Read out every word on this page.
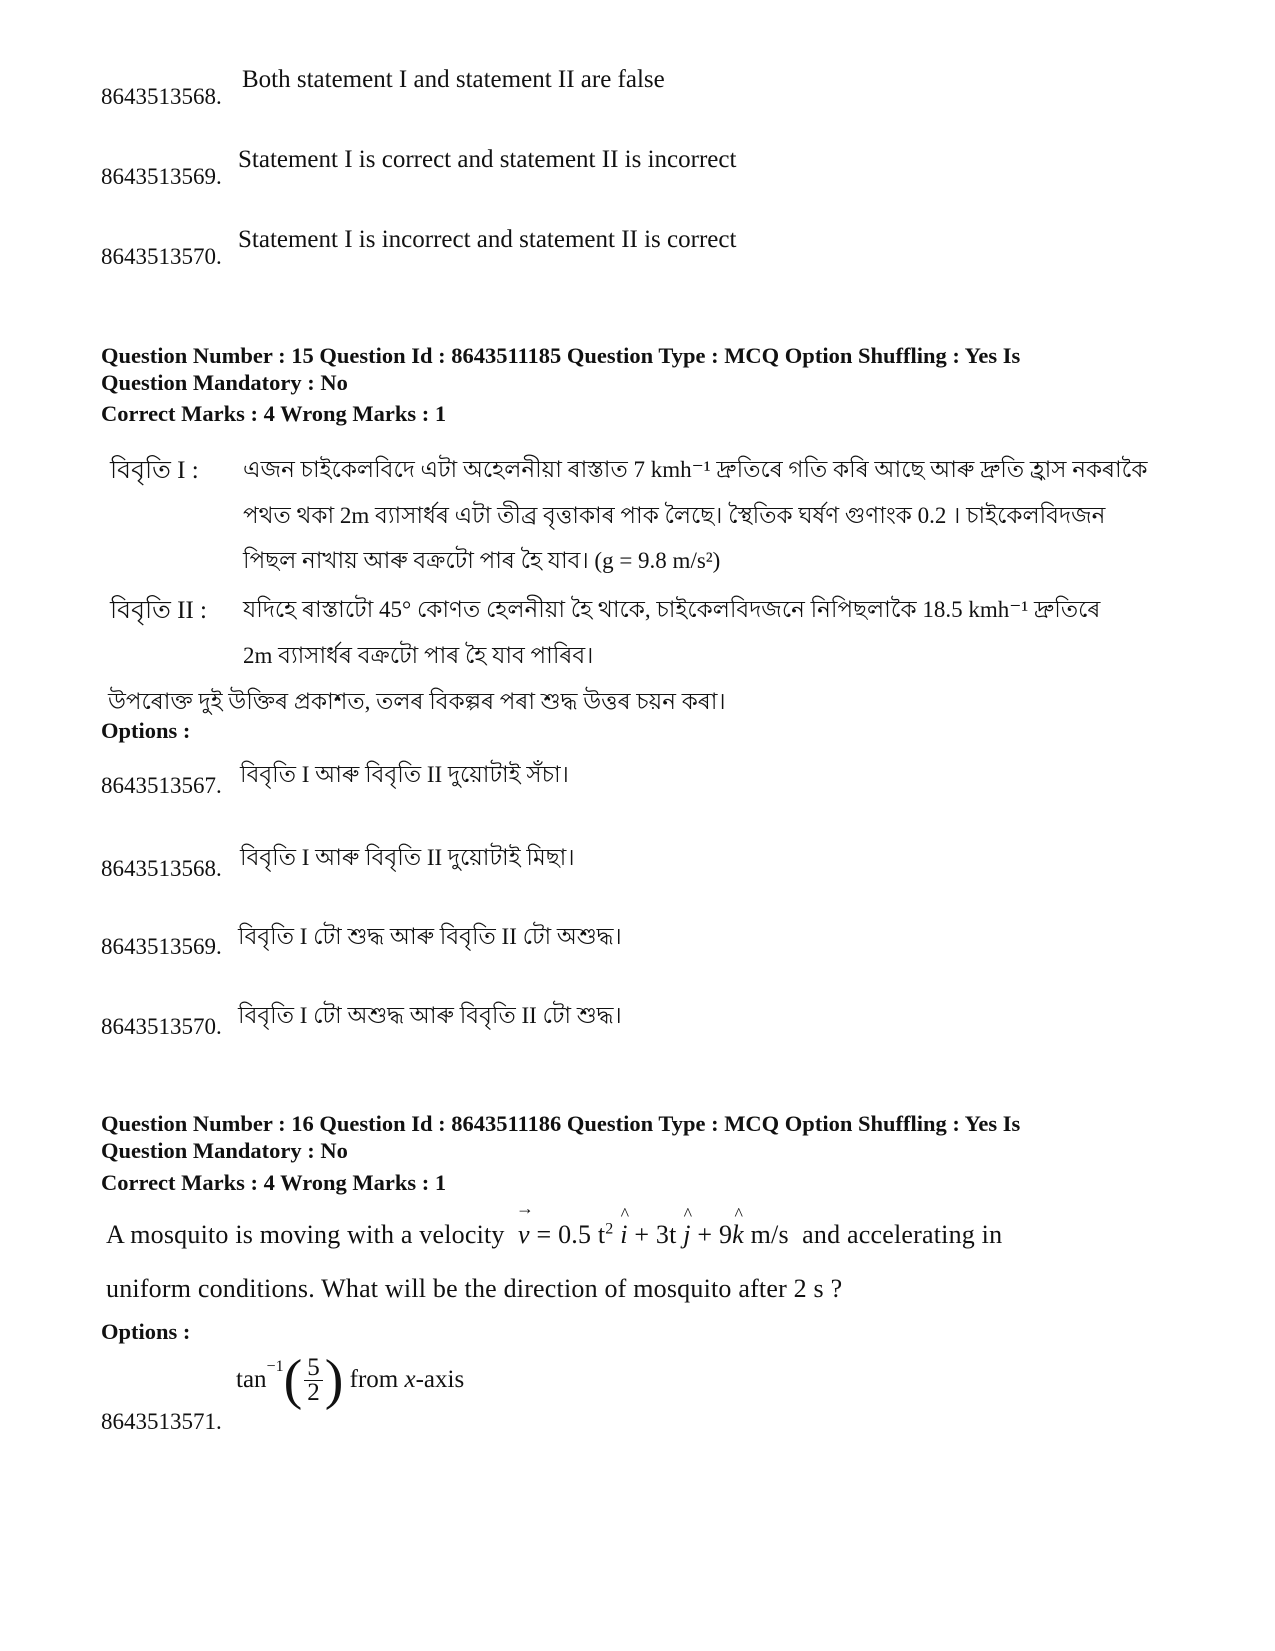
8643513568.
Both statement I and statement II are false
8643513569.
Statement I is correct and statement II is incorrect
8643513570.
Statement I is incorrect and statement II is correct
Question Number : 15 Question Id : 8643511185 Question Type : MCQ Option Shuffling : Yes Is
Question Mandatory : No
Correct Marks : 4 Wrong Marks : 1
বিবৃতি I : এজন চাইকেলবিদে এটা অহেলনীয়া ৰাস্তাত 7 kmh⁻¹ দ্ৰুতিৰে গতি কৰি আছে আৰু দ্ৰুতি হ্ৰাস নকৰাকৈ
পথত থকা 2m ব্যাসাৰ্ধৰ এটা তীব্ৰ বৃত্তাকাৰ পাক লৈছে। স্থৈতিক ঘৰ্ষণ গুণাংক 0.2 । চাইকেলবিদজন
পিছল নাখায় আৰু বক্ৰটো পাৰ হৈ যাব। (g = 9.8 m/s²)
বিবৃতি II : যদিহে ৰাস্তাটো 45° কোণত হেলনীয়া হৈ থাকে, চাইকেলবিদজনে নিপিছলাকৈ 18.5 kmh⁻¹ দ্ৰুতিৰে
2m ব্যাসাৰ্ধৰ বক্ৰটো পাৰ হৈ যাব পাৰিব।
উপৰোক্ত দুই উক্তিৰ প্ৰকাশত, তলৰ বিকল্পৰ পৰা শুদ্ধ উত্তৰ চয়ন কৰা।
Options :
8643513567. বিবৃতি I আৰু বিবৃতি II দুয়োটাই সঁচা।
8643513568. বিবৃতি I আৰু বিবৃতি II দুয়োটাই মিছা।
8643513569. বিবৃতি I টো শুদ্ধ আৰু বিবৃতি II টো অশুদ্ধ।
8643513570. বিবৃতি I টো অশুদ্ধ আৰু বিবৃতি II টো শুদ্ধ।
Question Number : 16 Question Id : 8643511186 Question Type : MCQ Option Shuffling : Yes Is
Question Mandatory : No
Correct Marks : 4 Wrong Marks : 1
A mosquito is moving with a velocity → v = 0.5 $t^2$ ^ i + 3t ^ j + 9^ k m/s and accelerating in
uniform conditions. What will be the direction of mosquito after 2 s ?
Options :
8643513571.
$\tan^{-1}$ ( $\frac{5}{2}$ )
from
x -axis
